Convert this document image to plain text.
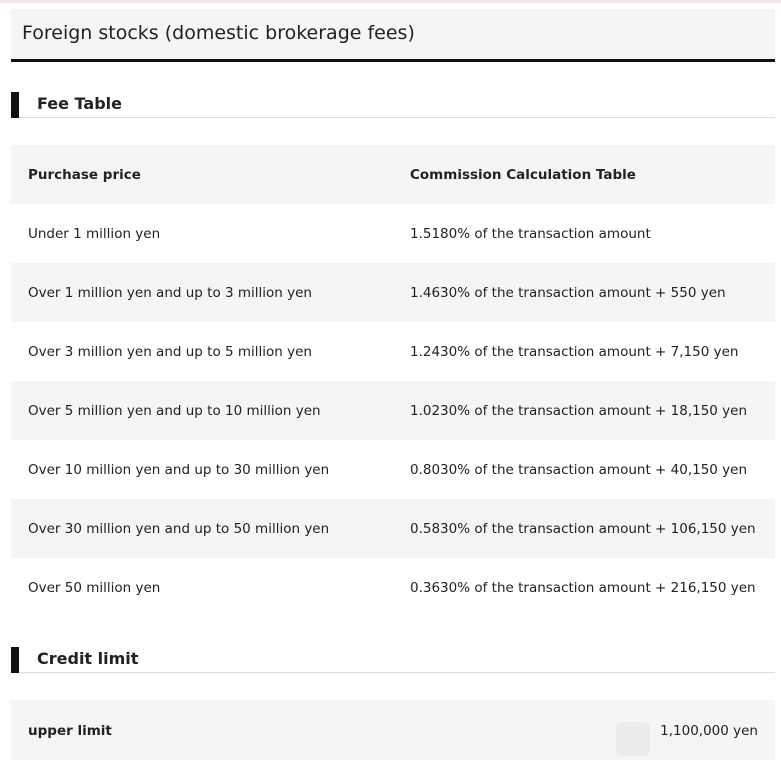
Foreign stocks (domestic brokerage fees)
Fee Table
Purchase price	Commission Calculation Table
Under 1 million yen	1.5180% of the transaction amount
Over 1 million yen and up to 3 million yen	1.4630% of the transaction amount + 550 yen
Over 3 million yen and up to 5 million yen	1.2430% of the transaction amount + 7,150 yen
Over 5 million yen and up to 10 million yen	1.0230% of the transaction amount + 18,150 yen
Over 10 million yen and up to 30 million yen	0.8030% of the transaction amount + 40,150 yen
Over 30 million yen and up to 50 million yen	0.5830% of the transaction amount + 106,150 yen
Over 50 million yen	0.3630% of the transaction amount + 216,150 yen
Credit limit
upper limit	1,100,000 yen
